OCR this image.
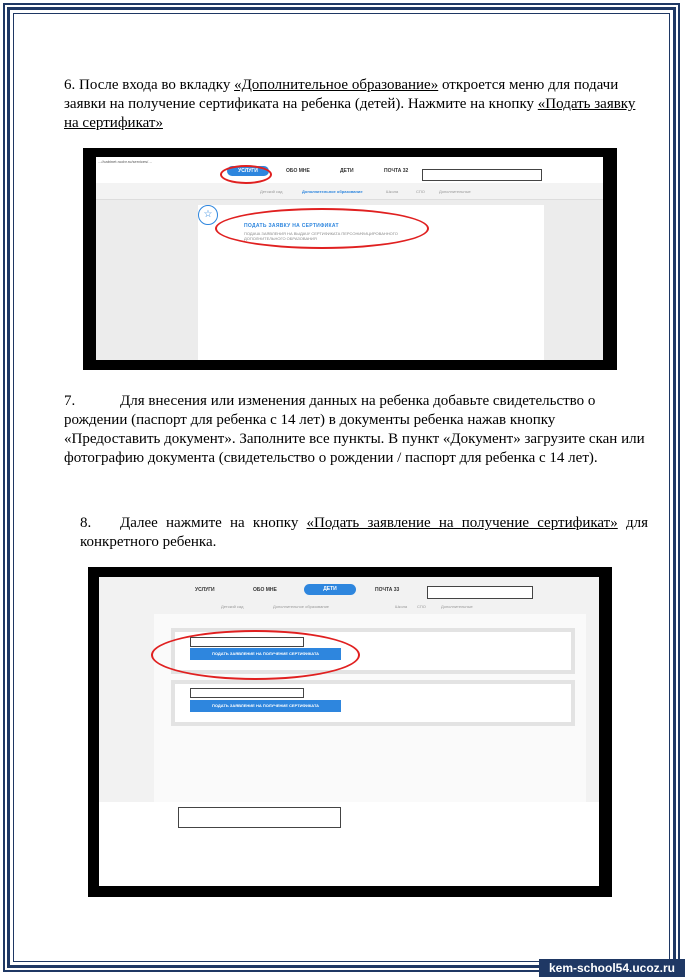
6. После входа во вкладку «Дополнительное образование» откроется меню для подачи заявки на получение сертификата на ребенка (детей). Нажмите на кнопку «Подать заявку на сертификат»

...//cabinet.ruobr.ru/services/…
УСЛУГИ	ОБО МНЕ	ДЕТИ	ПОЧТА 32
Детский сад	Дополнительное образование	Школа	СПО	Дополнительные
☆
ПОДАТЬ ЗАЯВКУ НА СЕРТИФИКАТ
ПОДАЧА ЗАЯВЛЕНИЯ НА ВЫДАЧУ СЕРТИФИКАТА ПЕРСОНИФИЦИРОВАННОГО ДОПОЛНИТЕЛЬНОГО ОБРАЗОВАНИЯ

7.	Для внесения или изменения данных на ребенка добавьте свидетельство о рождении (паспорт для ребенка с 14 лет) в документы ребенка нажав кнопку «Предоставить документ». Заполните все пункты. В пункт «Документ» загрузите скан или фотографию документа (свидетельство о рождении / паспорт для ребенка с 14 лет).

8. Далее нажмите на кнопку «Подать заявление на получение сертификат» для конкретного ребенка.

УСЛУГИ	ОБО МНЕ	ДЕТИ	ПОЧТА 33
Детский сад	Дополнительное образование	Школа СПО	Дополнительные
ПОДАТЬ ЗАЯВЛЕНИЕ НА ПОЛУЧЕНИЕ СЕРТИФИКАТА
ПОДАТЬ ЗАЯВЛЕНИЕ НА ПОЛУЧЕНИЕ СЕРТИФИКАТА
kem-school54.ucoz.ru
